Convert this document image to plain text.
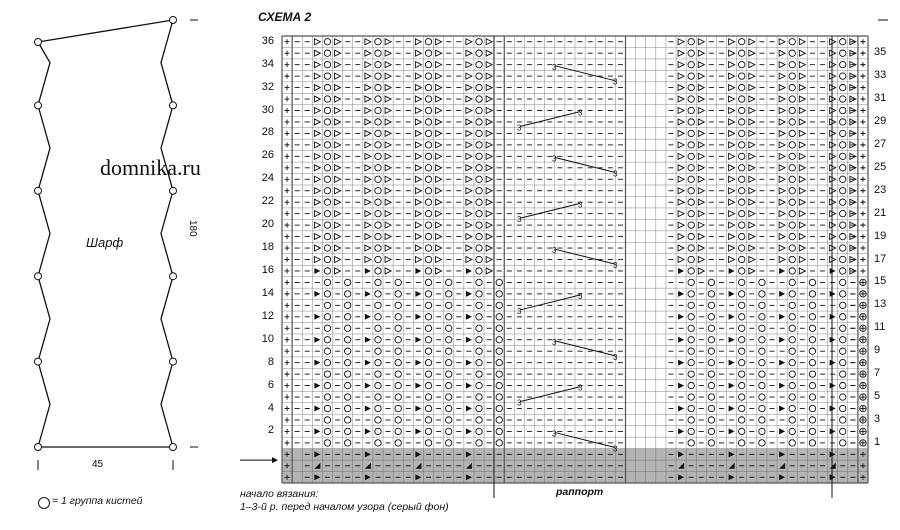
Шарф
180
45
domnika.ru
= 1 группа кистей
СХЕМА 2
3
3
3
3
3
3
3
3
3
3
3
3
3
3
3
3
3
3
36
34
32
30
28
26
24
22
20
18
16
14
12
10
8
6
4
2
35
33
31
29
27
25
23
21
19
17
15
13
11
9
7
5
3
1
раппорт
начало вязания:
1–3-й р. перед началом узора (серый фон)
